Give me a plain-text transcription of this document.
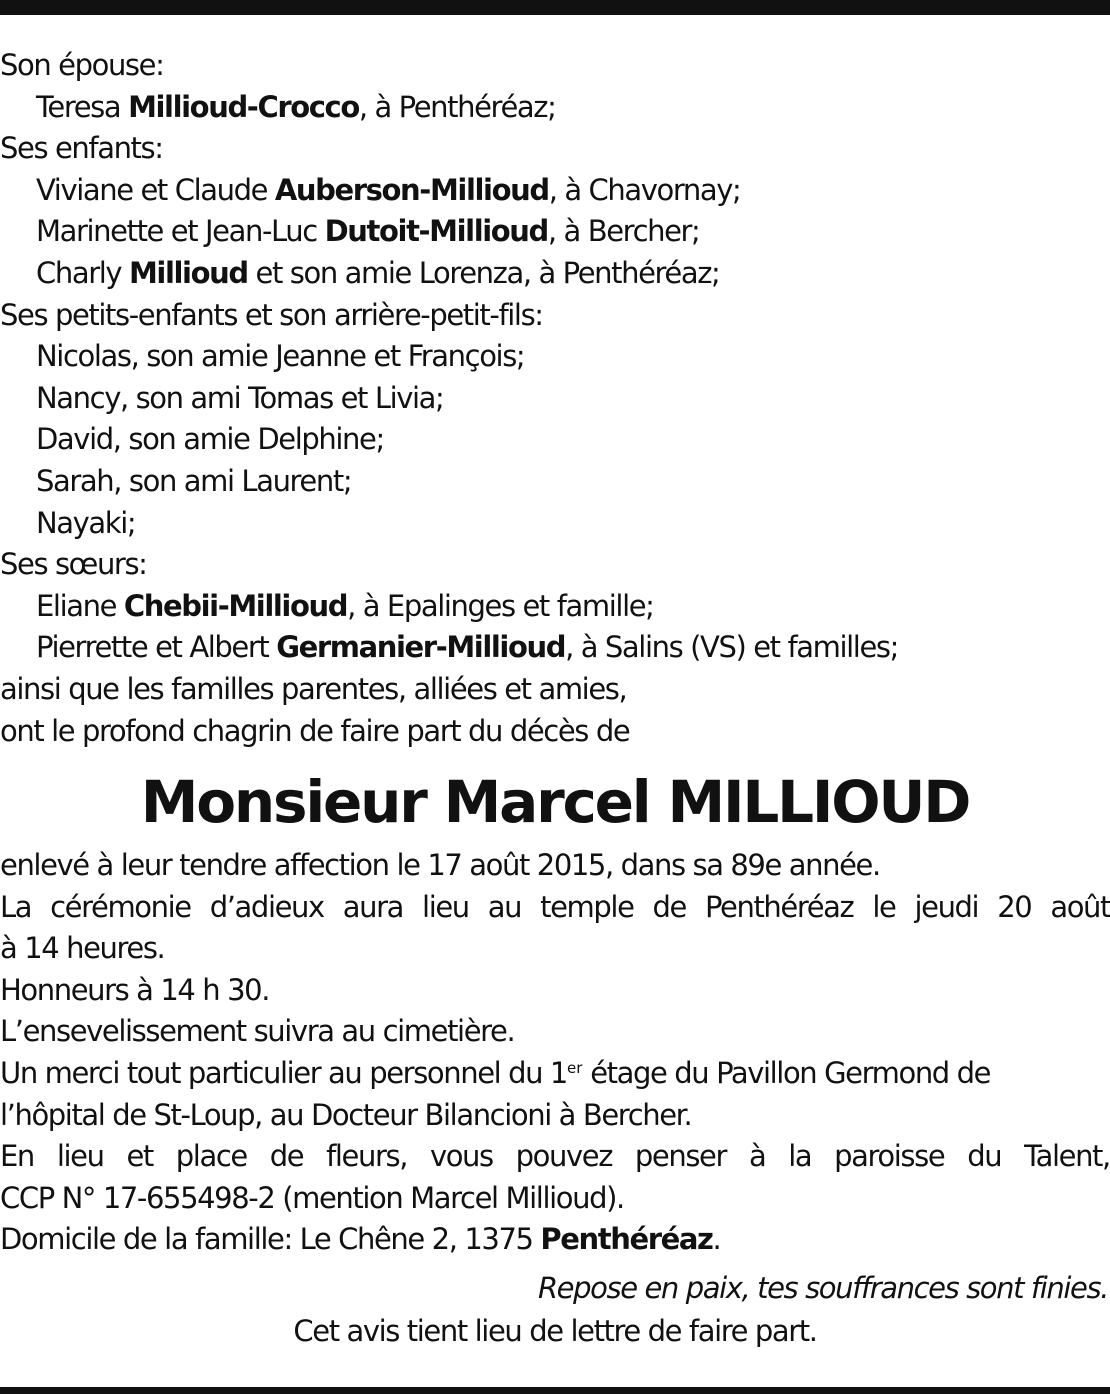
Son épouse:
Teresa Millioud-Crocco, à Penthéréaz;
Ses enfants:
Viviane et Claude Auberson-Millioud, à Chavornay;
Marinette et Jean-Luc Dutoit-Millioud, à Bercher;
Charly Millioud et son amie Lorenza, à Penthéréaz;
Ses petits-enfants et son arrière-petit-fils:
Nicolas, son amie Jeanne et François;
Nancy, son ami Tomas et Livia;
David, son amie Delphine;
Sarah, son ami Laurent;
Nayaki;
Ses sœurs:
Eliane Chebii-Millioud, à Epalinges et famille;
Pierrette et Albert Germanier-Millioud, à Salins (VS) et familles;
ainsi que les familles parentes, alliées et amies,
ont le profond chagrin de faire part du décès de
Monsieur Marcel MILLIOUD
enlevé à leur tendre affection le 17 août 2015, dans sa 89e année.
La cérémonie d’adieux aura lieu au temple de Penthéréaz le jeudi 20 août
à 14 heures.
Honneurs à 14 h 30.
L’ensevelissement suivra au cimetière.
Un merci tout particulier au personnel du 1er étage du Pavillon Germond de
l’hôpital de St-Loup, au Docteur Bilancioni à Bercher.
En lieu et place de fleurs, vous pouvez penser à la paroisse du Talent,
CCP N° 17-655498-2 (mention Marcel Millioud).
Domicile de la famille: Le Chêne 2, 1375 Penthéréaz.
Repose en paix, tes souffrances sont finies.
Cet avis tient lieu de lettre de faire part.
